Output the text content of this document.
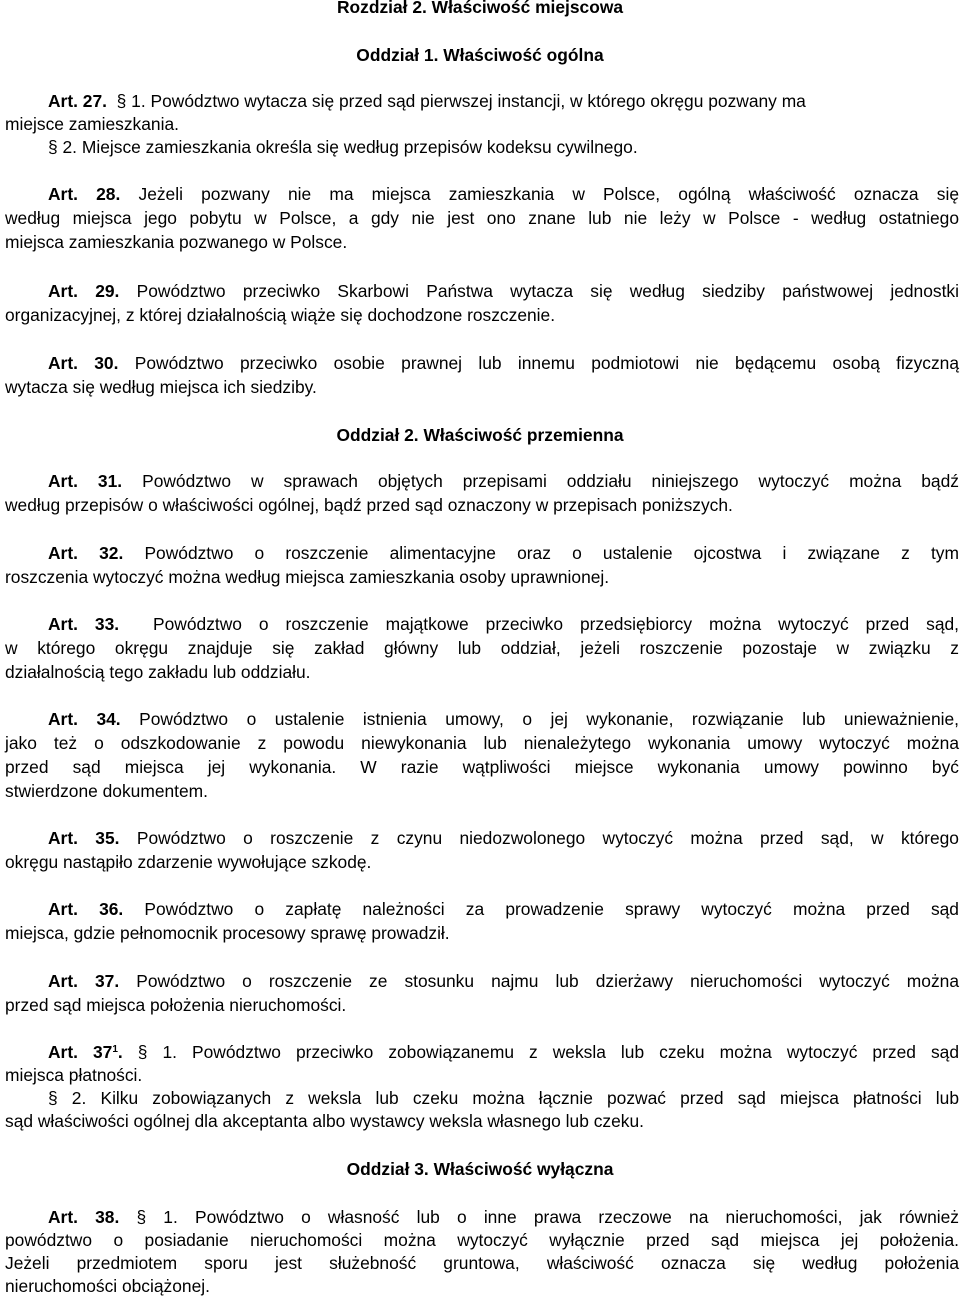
Rozdział 2. Właściwość miejscowa
Oddział 1. Właściwość ogólna
Art. 27. § 1. Powództwo wytacza się przed sąd pierwszej instancji, w którego okręgu pozwany ma
miejsce zamieszkania.
§ 2. Miejsce zamieszkania określa się według przepisów kodeksu cywilnego.
Art. 28. Jeżeli pozwany nie ma miejsca zamieszkania w Polsce, ogólną właściwość oznacza się
według miejsca jego pobytu w Polsce, a gdy nie jest ono znane lub nie leży w Polsce - według ostatniego
miejsca zamieszkania pozwanego w Polsce.
Art. 29. Powództwo przeciwko Skarbowi Państwa wytacza się według siedziby państwowej jednostki
organizacyjnej, z której działalnością wiąże się dochodzone roszczenie.
Art. 30. Powództwo przeciwko osobie prawnej lub innemu podmiotowi nie będącemu osobą fizyczną
wytacza się według miejsca ich siedziby.
Oddział 2. Właściwość przemienna
Art. 31. Powództwo w sprawach objętych przepisami oddziału niniejszego wytoczyć można bądź
według przepisów o właściwości ogólnej, bądź przed sąd oznaczony w przepisach poniższych.
Art. 32. Powództwo o roszczenie alimentacyjne oraz o ustalenie ojcostwa i związane z tym
roszczenia wytoczyć można według miejsca zamieszkania osoby uprawnionej.
Art. 33. Powództwo o roszczenie majątkowe przeciwko przedsiębiorcy można wytoczyć przed sąd,
w którego okręgu znajduje się zakład główny lub oddział, jeżeli roszczenie pozostaje w związku z
działalnością tego zakładu lub oddziału.
Art. 34. Powództwo o ustalenie istnienia umowy, o jej wykonanie, rozwiązanie lub unieważnienie,
jako też o odszkodowanie z powodu niewykonania lub nienależytego wykonania umowy wytoczyć można
przed sąd miejsca jej wykonania. W razie wątpliwości miejsce wykonania umowy powinno być
stwierdzone dokumentem.
Art. 35. Powództwo o roszczenie z czynu niedozwolonego wytoczyć można przed sąd, w którego
okręgu nastąpiło zdarzenie wywołujące szkodę.
Art. 36. Powództwo o zapłatę należności za prowadzenie sprawy wytoczyć można przed sąd
miejsca, gdzie pełnomocnik procesowy sprawę prowadził.
Art. 37. Powództwo o roszczenie ze stosunku najmu lub dzierżawy nieruchomości wytoczyć można
przed sąd miejsca położenia nieruchomości.
Art. $37^1$. § 1. Powództwo przeciwko zobowiązanemu z weksla lub czeku można wytoczyć przed sąd
miejsca płatności.
§ 2. Kilku zobowiązanych z weksla lub czeku można łącznie pozwać przed sąd miejsca płatności lub
sąd właściwości ogólnej dla akceptanta albo wystawcy weksla własnego lub czeku.
Oddział 3. Właściwość wyłączna
Art. 38. § 1. Powództwo o własność lub o inne prawa rzeczowe na nieruchomości, jak również
powództwo o posiadanie nieruchomości można wytoczyć wyłącznie przed sąd miejsca jej położenia.
Jeżeli przedmiotem sporu jest służebność gruntowa, właściwość oznacza się według położenia
nieruchomości obciążonej.
